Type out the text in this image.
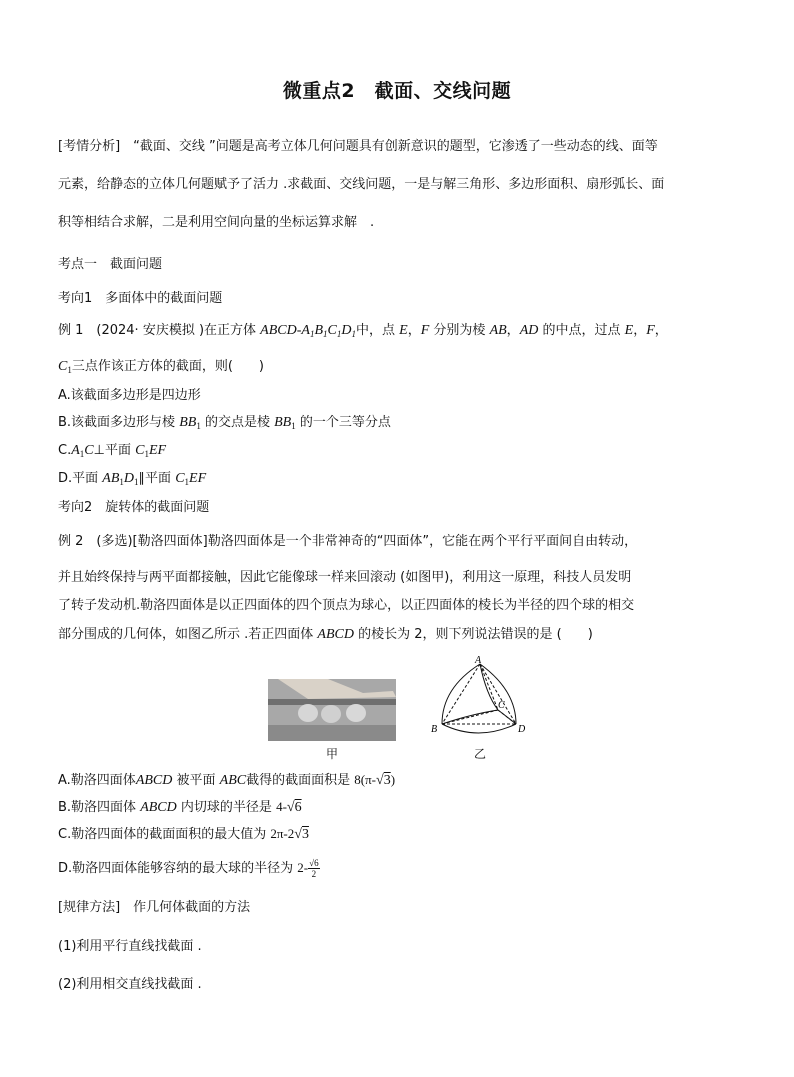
微重点2　截面、交线问题
[考情分析]　“截面、交线 ”问题是高考立体几何问题具有创新意识的题型，它渗透了一些动态的线、面等
元素，给静态的立体几何题赋予了活力 .求截面、交线问题，一是与解三角形、多边形面积、扇形弧长、面
积等相结合求解，二是利用空间向量的坐标运算求解　.
考点一　截面问题
考向1　多面体中的截面问题
例 1　(2024· 安庆模拟 )在正方体 ABCD-$A_1B_1C_1D_1$中，点 E，F 分别为棱 AB，AD 的中点，过点 E，F，
$C_1$三点作该正方体的截面，则(　　)
A.该截面多边形是四边形
B.该截面多边形与棱 $BB_1$ 的交点是棱 $BB_1$ 的一个三等分点
$C.A_1C\perp$平面 $C_1EF$
D.平面 $AB_1D_1\parallel$平面 $C_1EF$
考向2　旋转体的截面问题
例 2　(多选)[勒洛四面体]勒洛四面体是一个非常神奇的“四面体”，它能在两个平行平面间自由转动，
并且始终保持与两平面都接触，因此它能像球一样来回滚动 (如图甲)，利用这一原理，科技人员发明
了转子发动机.勒洛四面体是以正四面体的四个顶点为球心，以正四面体的棱长为半径的四个球的相交
部分围成的几何体，如图乙所示 .若正四面体 ABCD 的棱长为 2，则下列说法错误的是 (　　)
甲
A
B
C
D
乙
A.勒洛四面体ABCD 被平面 ABC截得的截面面积是 8(π-√3)
B.勒洛四面体 ABCD 内切球的半径是 4-√6
C.勒洛四面体的截面面积的最大值为 2π-2√3
D.勒洛四面体能够容纳的最大球的半径为 $2- \frac{√6}{2}$
[规律方法]　作几何体截面的方法
(1)利用平行直线找截面 .
(2)利用相交直线找截面 .
